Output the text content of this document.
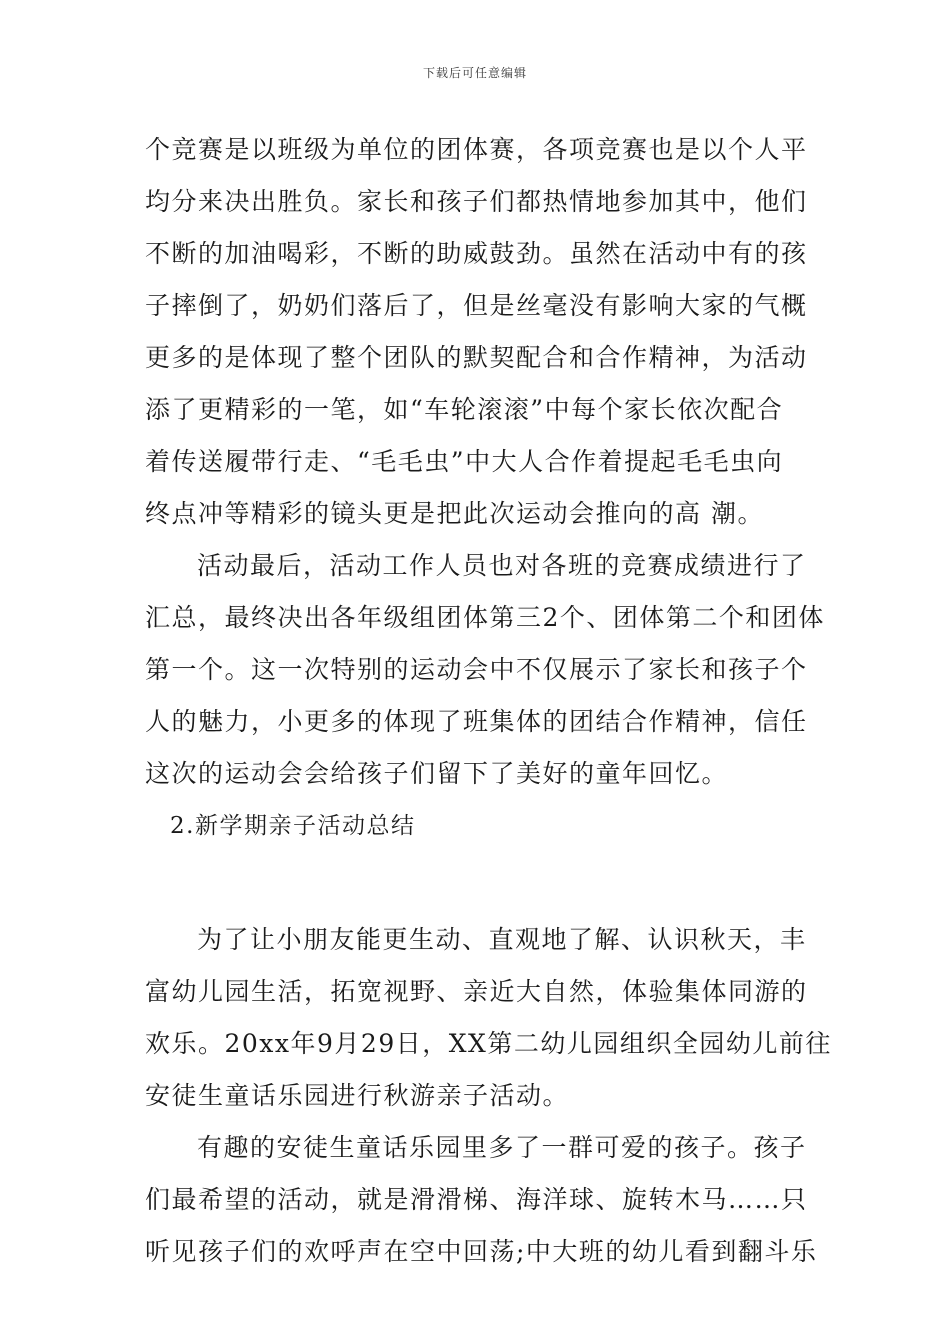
下载后可任意编辑
个竞赛是以班级为单位的团体赛，各项竞赛也是以个人平
均分来决出胜负。家长和孩子们都热情地参加其中，他们
不断的加油喝彩，不断的助威鼓劲。虽然在活动中有的孩
子摔倒了，奶奶们落后了，但是丝毫没有影响大家的气概
更多的是体现了整个团队的默契配合和合作精神，为活动
添了更精彩的一笔，如“车轮滚滚”中每个家长依次配合
着传送履带行走、“毛毛虫”中大人合作着提起毛毛虫向
终点冲等精彩的镜头更是把此次运动会推向的高 潮。
活动最后，活动工作人员也对各班的竞赛成绩进行了
汇总，最终决出各年级组团体第三2个、团体第二个和团体
第一个。这一次特别的运动会中不仅展示了家长和孩子个
人的魅力，小更多的体现了班集体的团结合作精神，信任
这次的运动会会给孩子们留下了美好的童年回忆。
2.新学期亲子活动总结
为了让小朋友能更生动、直观地了解、认识秋天，丰
富幼儿园生活，拓宽视野、亲近大自然，体验集体同游的
欢乐。20xx年9月29日，XX第二幼儿园组织全园幼儿前往
安徒生童话乐园进行秋游亲子活动。
有趣的安徒生童话乐园里多了一群可爱的孩子。孩子
们最希望的活动，就是滑滑梯、海洋球、旋转木马……只
听见孩子们的欢呼声在空中回荡;中大班的幼儿看到翻斗乐
